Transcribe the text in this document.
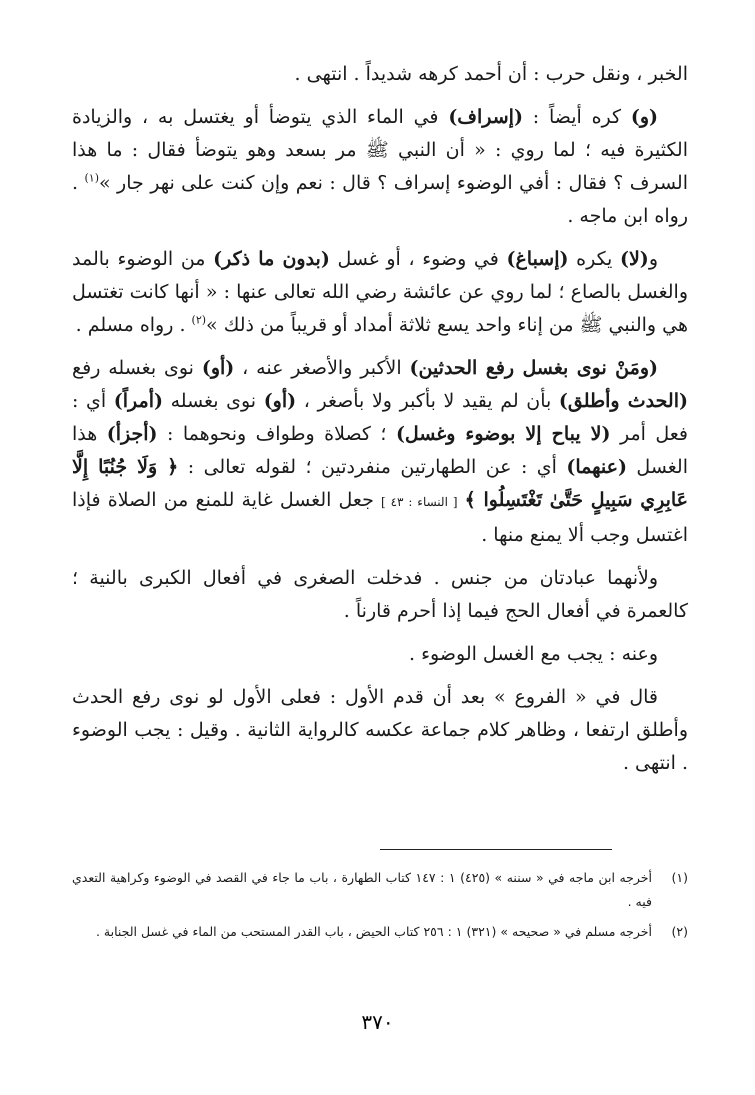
الخبر ، ونقل حرب : أن أحمد كرهه شديداً . انتهى .

(و) كره أيضاً : (إسراف) في الماء الذي يتوضأ أو يغتسل به ، والزيادة الكثيرة فيه ؛ لما روي : « أن النبي ﷺ مر بسعد وهو يتوضأ فقال : ما هذا السرف ؟ فقال : أفي الوضوء إسراف ؟ قال : نعم وإن كنت على نهر جار »$^{(١)}$ . رواه ابن ماجه .

و(لا) يكره (إسباغ) في وضوء ، أو غسل (بدون ما ذكر) من الوضوء بالمد والغسل بالصاع ؛ لما روي عن عائشة رضي الله تعالى عنها : « أنها كانت تغتسل هي والنبي ﷺ من إناء واحد يسع ثلاثة أمداد أو قريباً من ذلك »$^{(٢)}$ . رواه مسلم .

(ومَنْ نوى بغسل رفع الحدثين) الأكبر والأصغر عنه ، (أو) نوى بغسله رفع (الحدث وأطلق) بأن لم يقيد لا بأكبر ولا بأصغر ، (أو) نوى بغسله (أمراً) أي : فعل أمر (لا يباح إلا بوضوء وغسل) ؛ كصلاة وطواف ونحوهما : (أجزأ) هذا الغسل (عنهما) أي : عن الطهارتين منفردتين ؛ لقوله تعالى : ﴿ وَلَا جُنُبًا إِلَّا عَابِرِي سَبِيلٍ حَتَّىٰ تَغْتَسِلُوا ﴾ [ النساء : ٤٣ ] جعل الغسل غاية للمنع من الصلاة فإذا اغتسل وجب ألا يمنع منها .

ولأنهما عبادتان من جنس . فدخلت الصغرى في أفعال الكبرى بالنية ؛ كالعمرة في أفعال الحج فيما إذا أحرم قارناً .

وعنه : يجب مع الغسل الوضوء .

قال في « الفروع » بعد أن قدم الأول : فعلى الأول لو نوى رفع الحدث وأطلق ارتفعا ، وظاهر كلام جماعة عكسه كالرواية الثانية . وقيل : يجب الوضوء . انتهى .

(١)
أخرجه ابن ماجه في « سننه » (٤٢٥) ١ : ١٤٧ كتاب الطهارة ، باب ما جاء في القصد في الوضوء وكراهية التعدي فيه .
(٢)
أخرجه مسلم في « صحيحه » (٣٢١) ١ : ٢٥٦ كتاب الحيض ، باب القدر المستحب من الماء في غسل الجنابة .
٣٧٠
